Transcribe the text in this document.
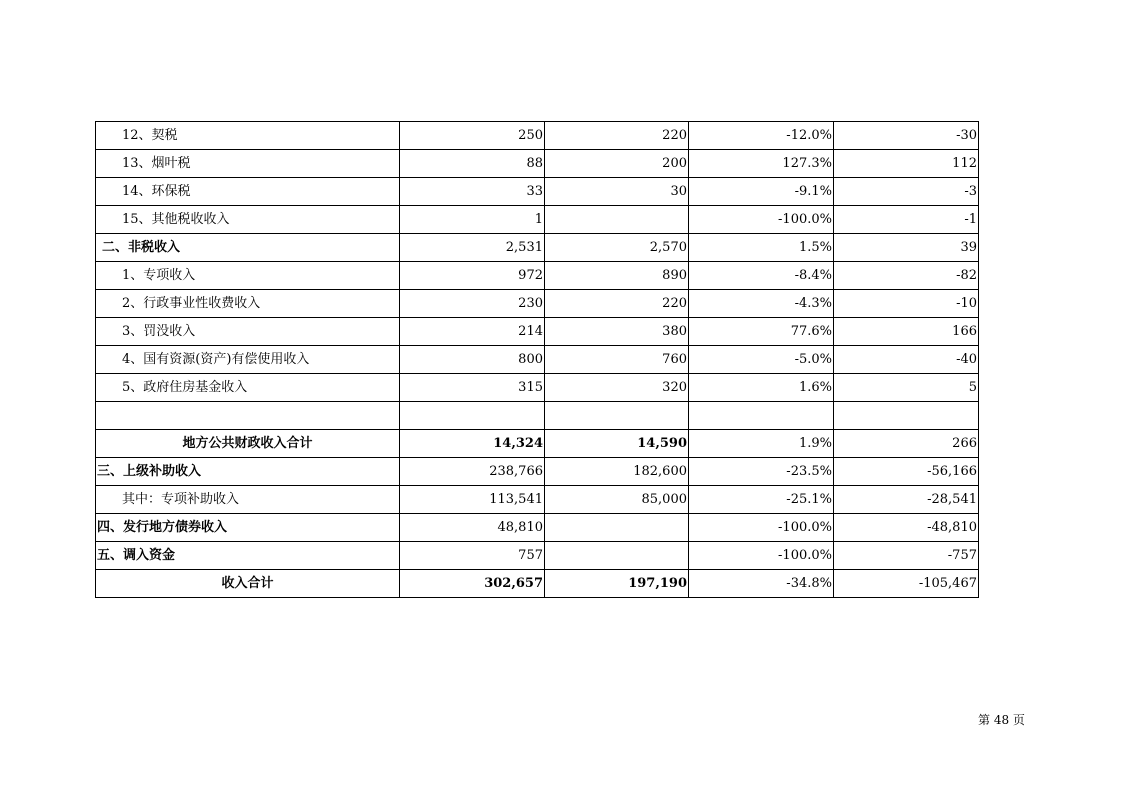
12、契税	250	220	-12.0%	-30
13、烟叶税	88	200	127.3%	112
14、环保税	33	30	-9.1%	-3
15、其他税收收入	1		-100.0%	-1
二、非税收入	2,531	2,570	1.5%	39
1、专项收入	972	890	-8.4%	-82
2、行政事业性收费收入	230	220	-4.3%	-10
3、罚没收入	214	380	77.6%	166
4、国有资源(资产)有偿使用收入	800	760	-5.0%	-40
5、政府住房基金收入	315	320	1.6%	5

地方公共财政收入合计	14,324	14,590	1.9%	266
三、上级补助收入	238,766	182,600	-23.5%	-56,166
其中：专项补助收入	113,541	85,000	-25.1%	-28,541
四、发行地方债券收入	48,810		-100.0%	-48,810
五、调入资金	757		-100.0%	-757
收入合计	302,657	197,190	-34.8%	-105,467
第 48 页
